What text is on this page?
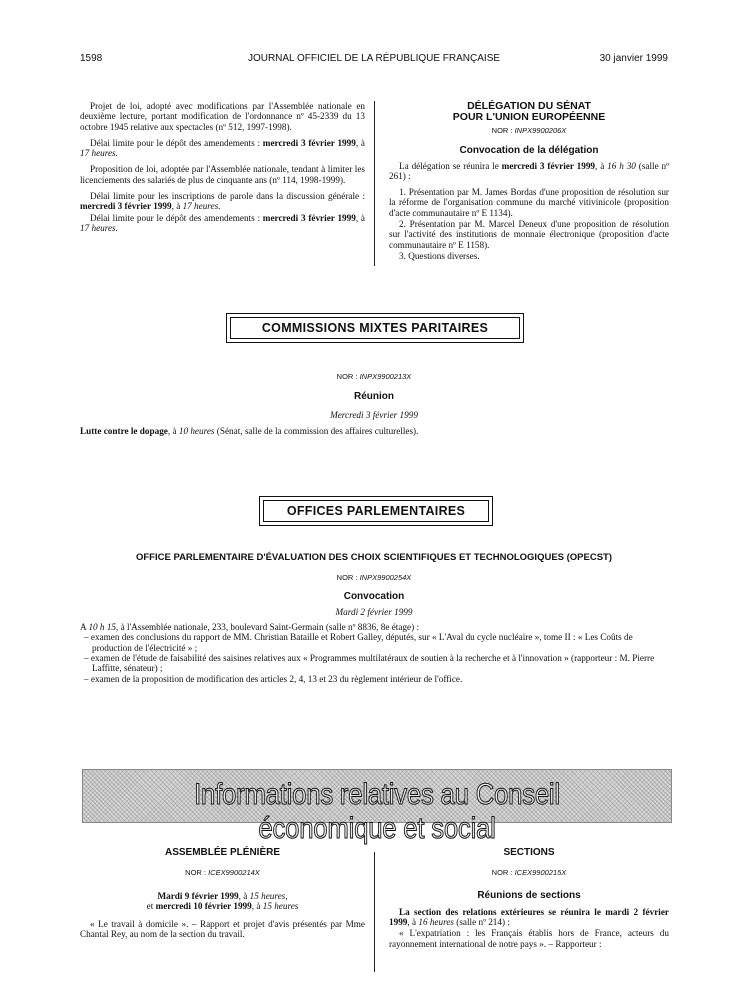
1598	JOURNAL OFFICIEL DE LA RÉPUBLIQUE FRANÇAISE	30 janvier 1999

Projet de loi, adopté avec modifications par l'Assemblée nationale en deuxième lecture, portant modification de l'ordonnance nº 45-2339 du 13 octobre 1945 relative aux spectacles (nº 512, 1997-1998).

Délai limite pour le dépôt des amendements : mercredi 3 février 1999, à 17 heures.

Proposition de loi, adoptée par l'Assemblée nationale, tendant à limiter les licenciements des salariés de plus de cinquante ans (nº 114, 1998-1999).

Délai limite pour les inscriptions de parole dans la discussion générale : mercredi 3 février 1999, à 17 heures.

Délai limite pour le dépôt des amendements : mercredi 3 février 1999, à 17 heures.

DÉLÉGATION DU SÉNAT
POUR L'UNION EUROPÉENNE
NOR : INPX9900206X
Convocation de la délégation

La délégation se réunira le mercredi 3 février 1999, à 16 h 30 (salle nº 261) :

1. Présentation par M. James Bordas d'une proposition de résolution sur la réforme de l'organisation commune du marché vitivinicole (proposition d'acte communautaire nº E 1134).

2. Présentation par M. Marcel Deneux d'une proposition de résolution sur l'activité des institutions de monnaie électronique (proposition d'acte communautaire nº E 1158).

3. Questions diverses.

COMMISSIONS MIXTES PARITAIRES
NOR : INPX9900213X
Réunion
Mercredi 3 février 1999
Lutte contre le dopage, à 10 heures (Sénat, salle de la commission des affaires culturelles).
OFFICES PARLEMENTAIRES
OFFICE PARLEMENTAIRE D'ÉVALUATION DES CHOIX SCIENTIFIQUES ET TECHNOLOGIQUES (OPECST)
NOR : INPX9900254X
Convocation
Mardi 2 février 1999
A 10 h 15, à l'Assemblée nationale, 233, boulevard Saint-Germain (salle nº 8836, 8e étage) :
– examen des conclusions du rapport de MM. Christian Bataille et Robert Galley, députés, sur « L'Aval du cycle nucléaire », tome II : « Les Coûts de production de l'électricité » ;
– examen de l'étude de faisabilité des saisines relatives aux « Programmes multilatéraux de soutien à la recherche et à l'innovation » (rapporteur : M. Pierre Laffitte, sénateur) ;
– examen de la proposition de modification des articles 2, 4, 13 et 23 du règlement intérieur de l'office.
Informations relatives au Conseil économique et social
ASSEMBLÉE PLÉNIÈRE
NOR : ICEX9900214X
Mardi 9 février 1999, à 15 heures,
et mercredi 10 février 1999, à 15 heures

« Le travail à domicile ». – Rapport et projet d'avis présentés par Mme Chantal Rey, au nom de la section du travail.

SECTIONS
NOR : ICEX9900215X
Réunions de sections

La section des relations extérieures se réunira le mardi 2 février 1999, à 16 heures (salle nº 214) :

« L'expatriation : les Français établis hors de France, acteurs du rayonnement international de notre pays ». – Rapporteur :
